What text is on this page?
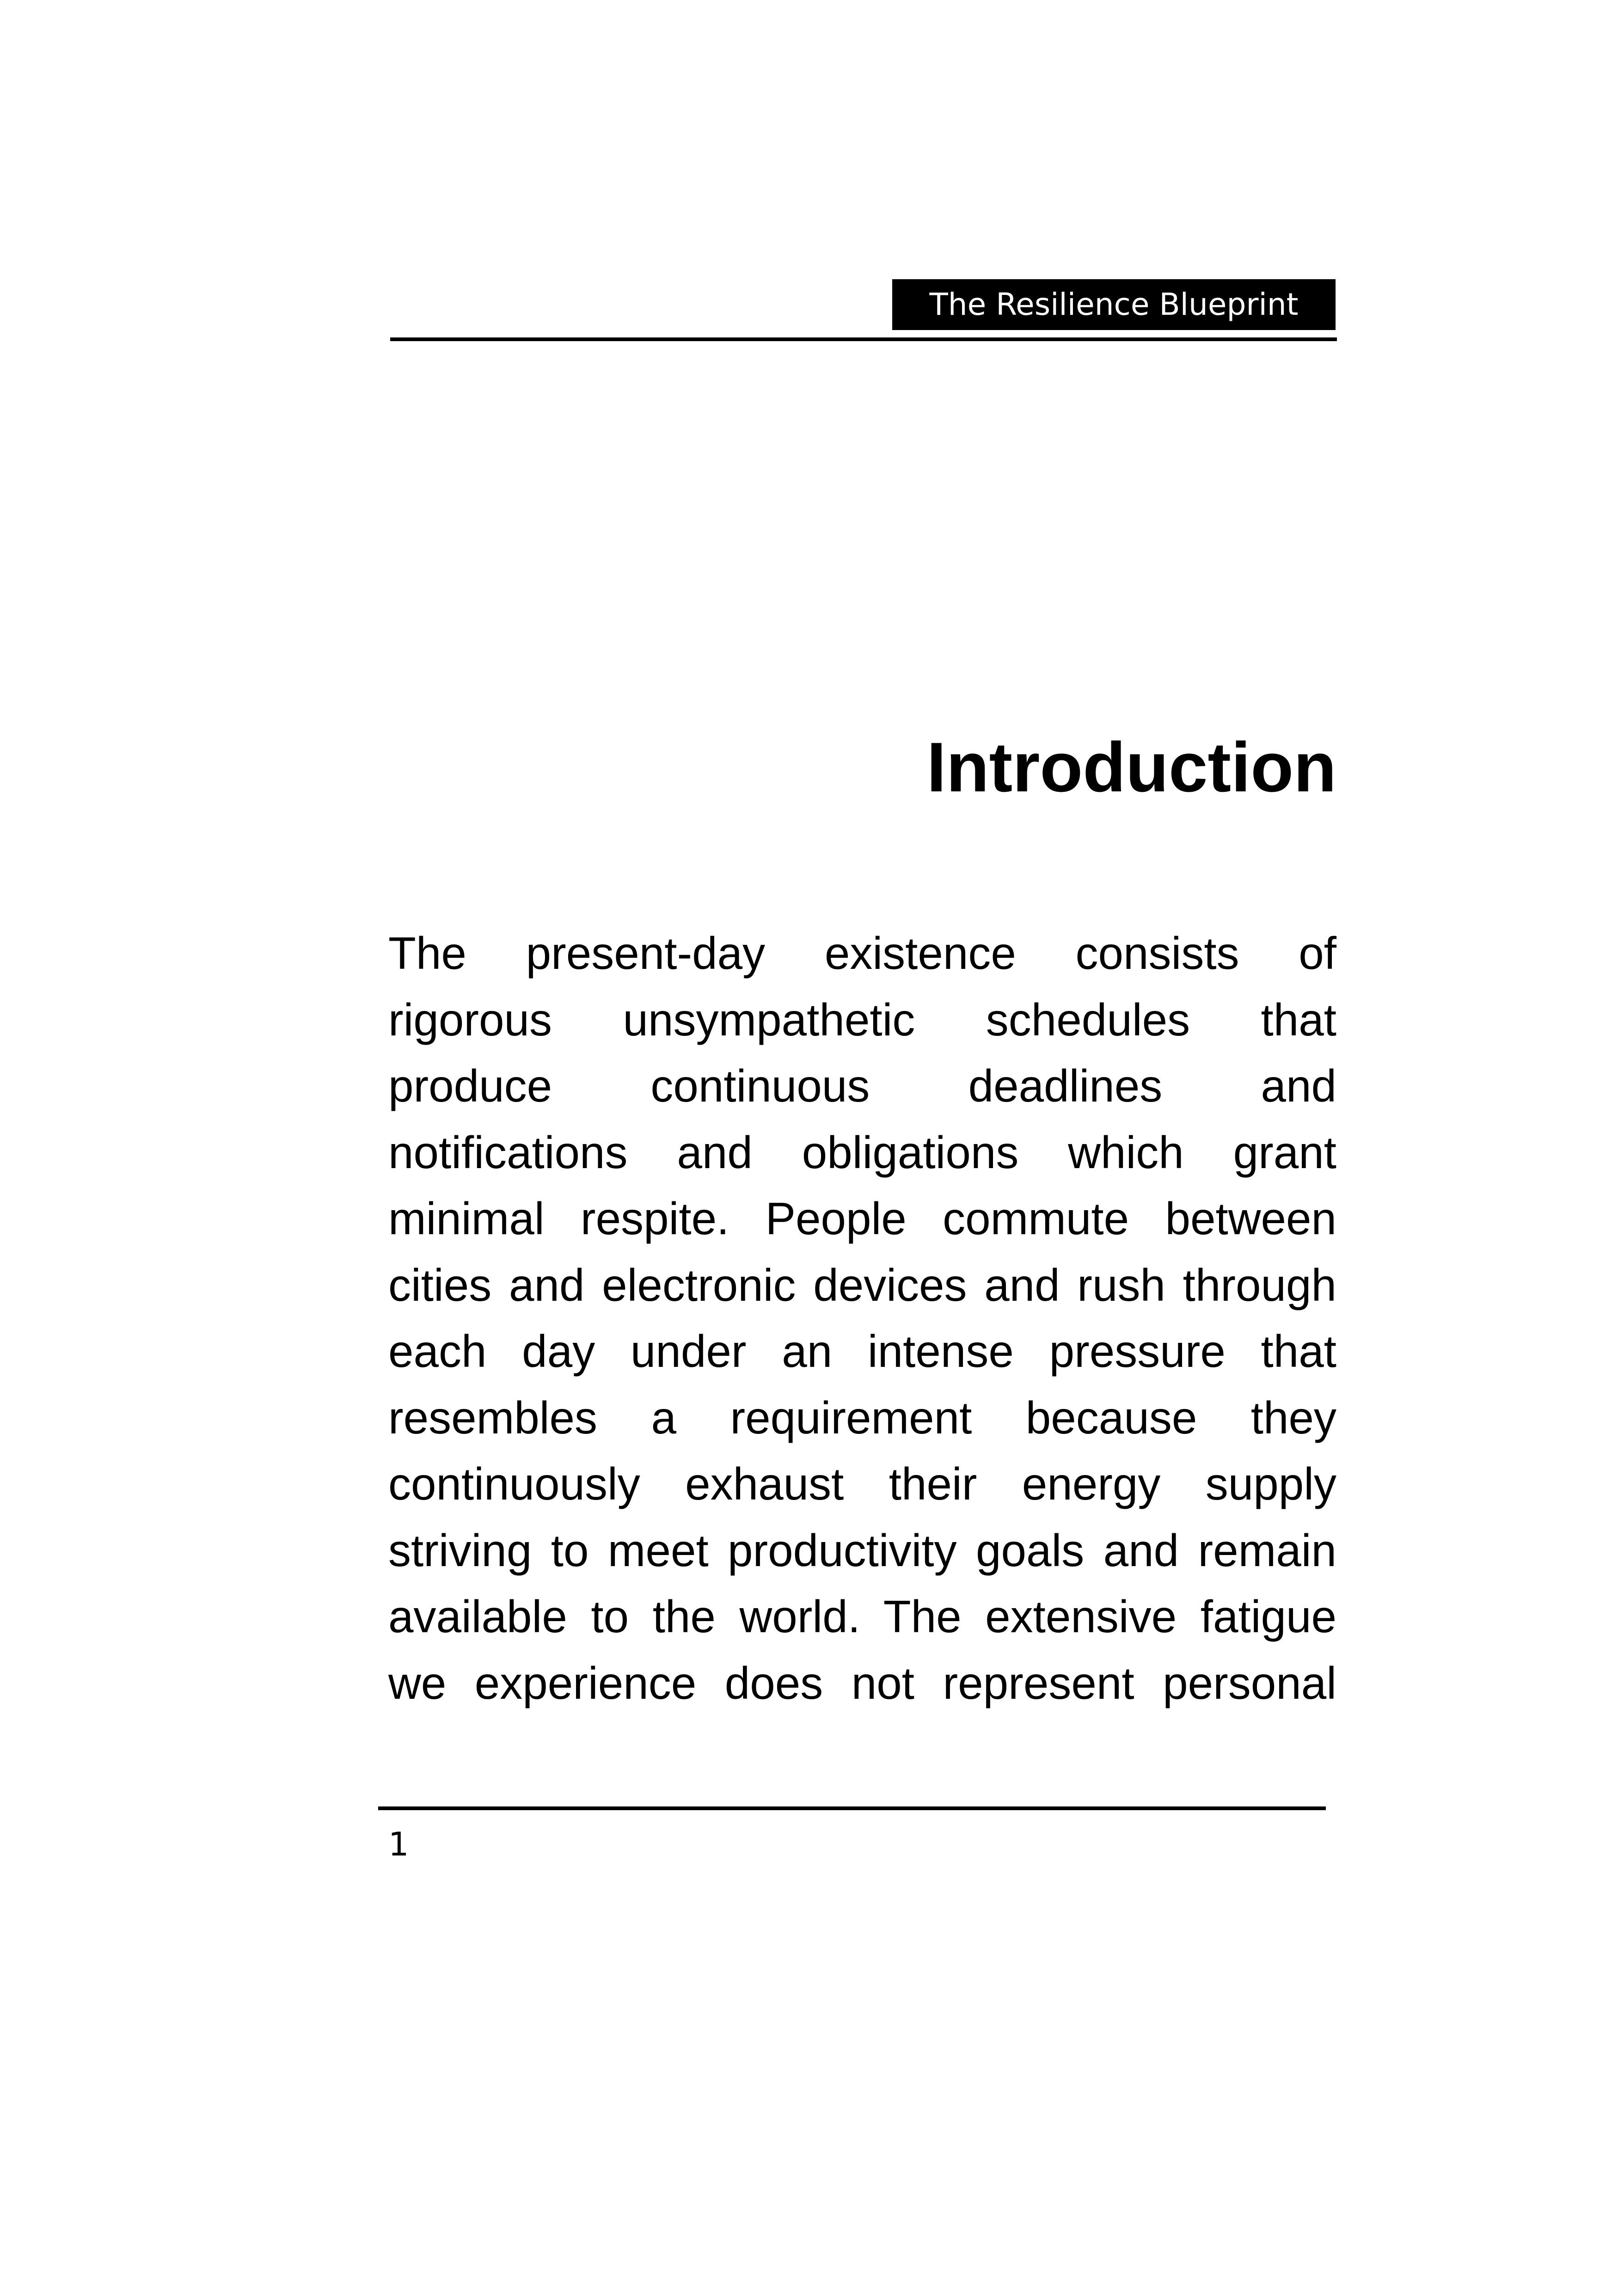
The Resilience Blueprint
Introduction
The present-day existence consists of
rigorous unsympathetic schedules that
produce continuous deadlines and
notifications and obligations which grant
minimal respite. People commute between
cities and electronic devices and rush through
each day under an intense pressure that
resembles a requirement because they
continuously exhaust their energy supply
striving to meet productivity goals and remain
available to the world. The extensive fatigue
we experience does not represent personal
1
